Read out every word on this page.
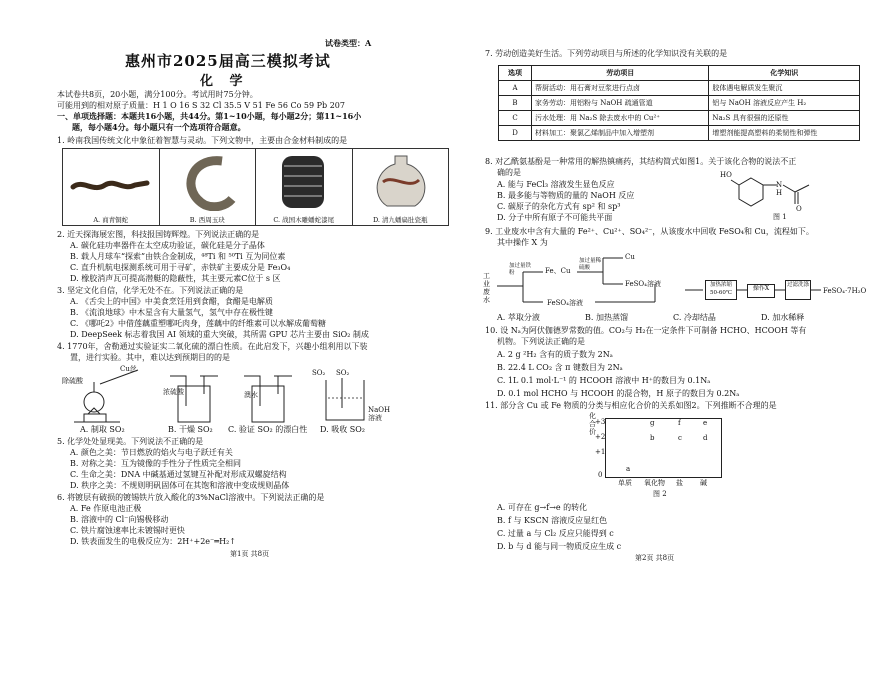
试卷类型：A
惠州市2025届高三模拟考试
化 学
本试卷共8页，20小题，满分100分。考试用时75分钟。
可能用到的相对原子质量：H 1 O 16 S 32 Cl 35.5 V 51 Fe 56 Co 59 Pb 207
一、单项选择题：本题共16小题，共44分。第1~10小题，每小题2分；第11~16小
题，每小题4分。每小题只有一个选项符合题意。
1. 岭南我国传统文化中象征着智慧与灵动。下列文物中，主要由合金材料制成的是
A. 商青铜蛇	B. 西周玉玦	C. 战国木雕蟠蛇漆尾	D. 清九蟠扁肚瓷瓶
2. 近天探海展宏图，科技报国铸辉煌。下列说法正确的是
A. 碳化硅功率器件在太空成功验证，碳化硅是分子晶体
B. 载人月球车“探索”由铁合金制成，⁴⁸Ti 和 ⁵⁰Ti 互为同位素
C. 直升机航电探测系统可用于寻矿，赤铁矿主要成分是 Fe₃O₄
D. 橡胶消声瓦可提高潜艇的隐蔽性，其主要元素C位于 s 区
3. 坚定文化自信，化学无处不在。下列说法正确的是
A. 《舌尖上的中国》中美食烹饪用到食醋，食醋是电解质
B. 《流浪地球》中木星含有大量氢气，氢气中存在极性键
C. 《哪吒2》中借莲藕重塑哪吒肉身，莲藕中的纤维素可以水解成葡萄糖
D. DeepSeek 标志着我国 AI 领域的重大突破，其所需 GPU 芯片主要由 SiO₂ 制成
4. 1770年，舍勒通过实验证实二氧化硫的漂白性质。在此启发下，兴趣小组利用以下装
置，进行实验。其中，难以达到预期目的的是
除硫酸
Cu丝
浓硫酸	澳水
SO₂ SO₂
NaOH 溶液
A. 制取 SO₂	B. 干燥 SO₂ C. 验证 SO₂ 的漂白性 D. 吸收 SO₂
5. 化学处处显现美。下列说法不正确的是
A. 颜色之美：节日燃放的焰火与电子跃迁有关
B. 对称之美：互为镜像的手性分子性质完全相同
C. 生命之美：DNA 中碱基通过氢键互补配对形成双螺旋结构
D. 秩序之美：不规则明矾固体可在其饱和溶液中变成规则晶体
6. 将镀层有破损的镀锡铁片放入酸化的3%NaCl溶液中。下列说法正确的是
A. Fe 作原电池正极
B. 溶液中的 Cl⁻向锡极移动
C. 铁片腐蚀速率比未镀锡时更快
D. 铁表面发生的电极反应为：2H⁺+2e⁻═H₂↑
第1页 共8页
7. 劳动创造美好生活。下列劳动项目与所述的化学知识没有关联的是
选项	劳动项目	化学知识
A	帮厨活动：用石膏对豆浆进行点卤	胶体遇电解质发生聚沉
B	家务劳动：用铝粉与 NaOH 疏通管道	铝与 NaOH 溶液反应产生 H₂
C	污水处理：用 Na₂S 除去废水中的 Cu²⁺	Na₂S 具有很强的还原性
D	材料加工：聚氯乙烯制品中加入增塑剂	增塑剂能提高塑料的柔韧性和弹性
8. 对乙酰氨基酚是一种常用的解热镇痛药，其结构简式如图1。关于该化合物的说法不正
确的是
A. 能与 FeCl₃ 溶液发生显色反应
B. 最多能与等物质的量的 NaOH 反应
C. 碳原子的杂化方式有 sp² 和 sp³
D. 分子中所有原子不可能共平面
HO
N
H
O
图 1
9. 工业废水中含有大量的 Fe²⁺、Cu²⁺、SO₄²⁻，从该废水中回收 FeSO₄和 Cu，流程如下。
其中操作 X 为
工业废水
加过量铁粉	Fe、Cu
加过量稀硫酸
Cu
FeSO₄溶液
FeSO₄溶液
加热浓缩 50-60℃
操作X	过滤洗涤
FeSO₄·7H₂O
A. 萃取分液	B. 加热蒸馏	C. 冷却结晶	D. 加水稀释
10. 设 Nₐ为阿伏伽德罗常数的值。CO₂与 H₂在一定条件下可制备 HCHO、HCOOH 等有
机物。下列说法正确的是
A. 2 g ²H₂ 含有的质子数为 2Nₐ
B. 22.4 L CO₂ 含 π 键数目为 2Nₐ
C. 1L 0.1 mol·L⁻¹ 的 HCOOH 溶液中 H⁺的数目为 0.1Nₐ
D. 0.1 mol HCHO 与 HCOOH 的混合物，H 原子的数目为 0.2Nₐ
11. 部分含 Cu 或 Fe 物质的分类与相应化合价的关系如图2。下列推断不合理的是
化合价
+3
+2
+1
0
g	f	e
b	c	d
a
单质 氧化物 盐 碱
图 2
A. 可存在 g→f→e 的转化
B. f 与 KSCN 溶液反应显红色
C. 过量 a 与 Cl₂ 反应只能得到 c
D. b 与 d 能与同一物质反应生成 c
第2页 共8页
